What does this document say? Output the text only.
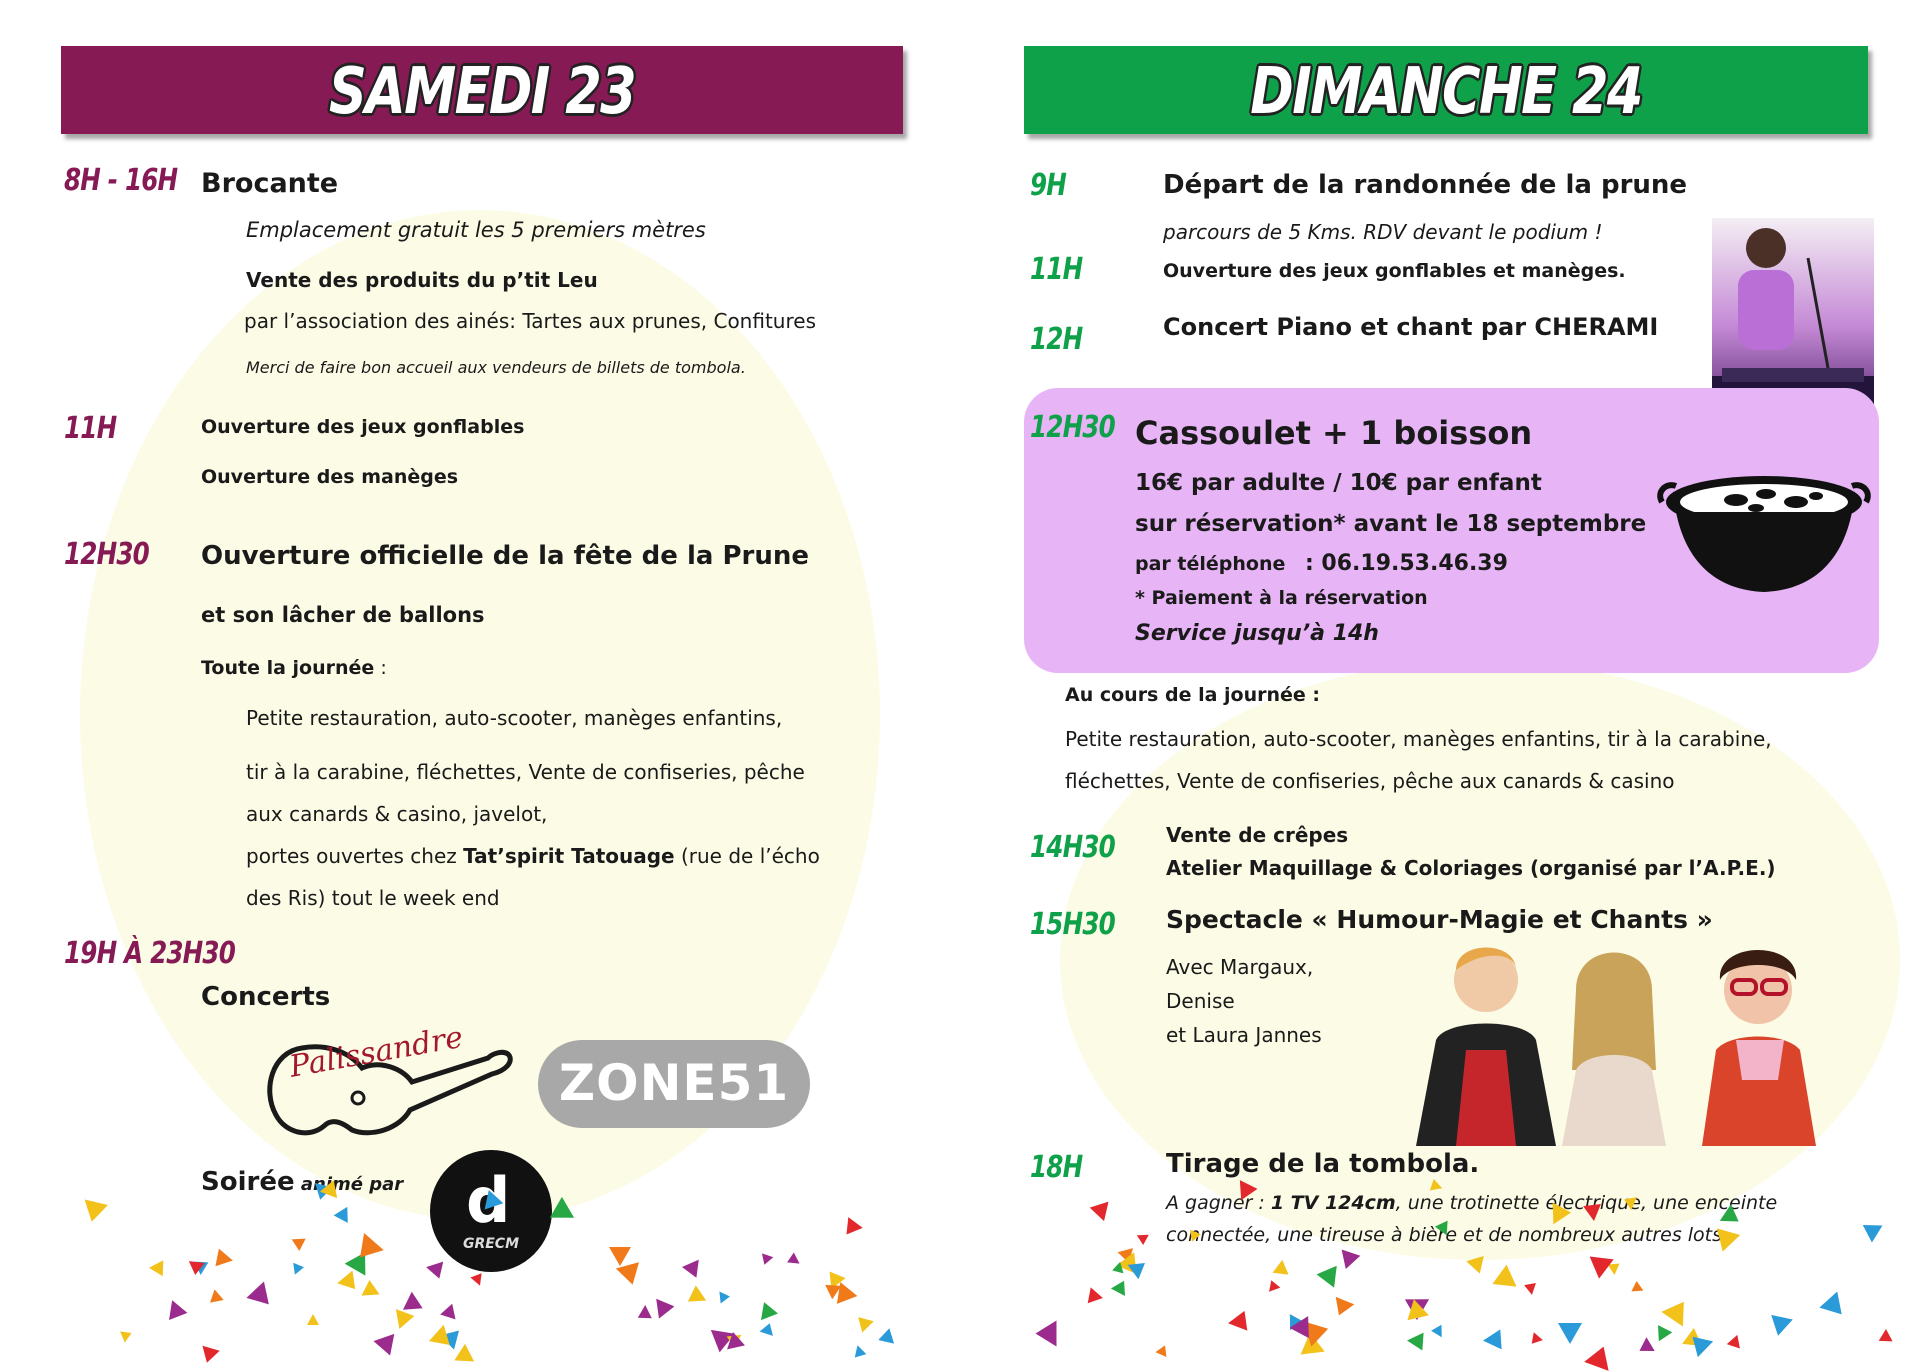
SAMEDI 23
8H - 16H Brocante
Emplacement gratuit les 5 premiers mètres
Vente des produits du p’tit Leu
par l’association des ainés: Tartes aux prunes, Confitures
Merci de faire bon accueil aux vendeurs de billets de tombola.
11H	Ouverture des jeux gonflables
Ouverture des manèges
12H30 Ouverture officielle de la fête de la Prune
et son lâcher de ballons
Toute la journée :
Petite restauration, auto-scooter, manèges enfantins,
tir à la carabine, fléchettes, Vente de confiseries, pêche
aux canards & casino, javelot,
portes ouvertes chez Tat’spirit Tatouage (rue de l’écho
des Ris) tout le week end
19H À 23H30
Concerts
Palissandre	ZONE51
Soirée animé par d
GRECM
DIMANCHE 24
9H	Départ de la randonnée de la prune
parcours de 5 Kms. RDV devant le podium !
11H	Ouverture des jeux gonflables et manèges.
12H	Concert Piano et chant par CHERAMI
12H30 Cassoulet + 1 boisson
16€ par adulte / 10€ par enfant
sur réservation* avant le 18 septembre
par téléphone : 06.19.53.46.39
* Paiement à la réservation
Service jusqu’à 14h
Au cours de la journée :
Petite restauration, auto-scooter, manèges enfantins, tir à la carabine,
fléchettes, Vente de confiseries, pêche aux canards & casino
14H30	Vente de crêpes
Atelier Maquillage & Coloriages (organisé par l’A.P.E.)
15H30 Spectacle « Humour-Magie et Chants »
Avec Margaux,
Denise
et Laura Jannes
18H	Tirage de la tombola.
A gagner : 1 TV 124cm, une trotinette électrique, une enceinte
connectée, une tireuse à bière et de nombreux autres lots
